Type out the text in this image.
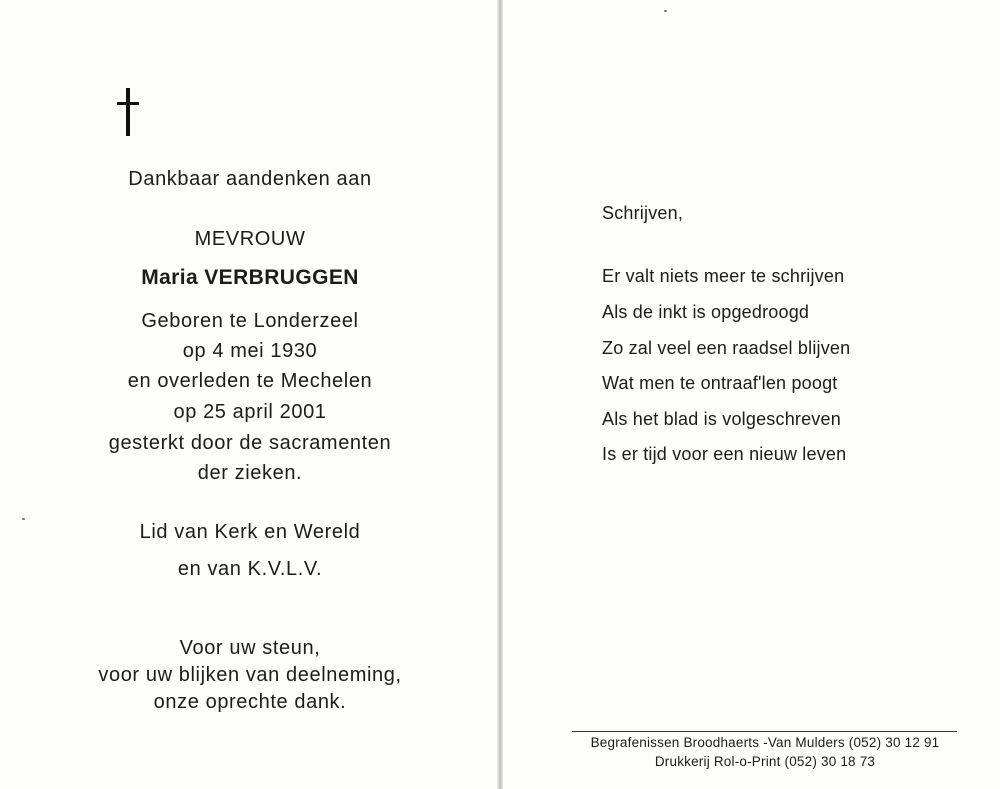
Dankbaar aandenken aan
MEVROUW
Maria VERBRUGGEN
Geboren te Londerzeel
op 4 mei 1930
en overleden te Mechelen
op 25 april 2001
gesterkt door de sacramenten
der zieken.
Lid van Kerk en Wereld
en van K.V.L.V.
Voor uw steun,
voor uw blijken van deelneming,
onze oprechte dank.
Schrijven,
Er valt niets meer te schrijven
Als de inkt is opgedroogd
Zo zal veel een raadsel blijven
Wat men te ontraaf'len poogt
Als het blad is volgeschreven
Is er tijd voor een nieuw leven
Begrafenissen Broodhaerts -Van Mulders (052) 30 12 91
Drukkerij Rol-o-Print (052) 30 18 73
